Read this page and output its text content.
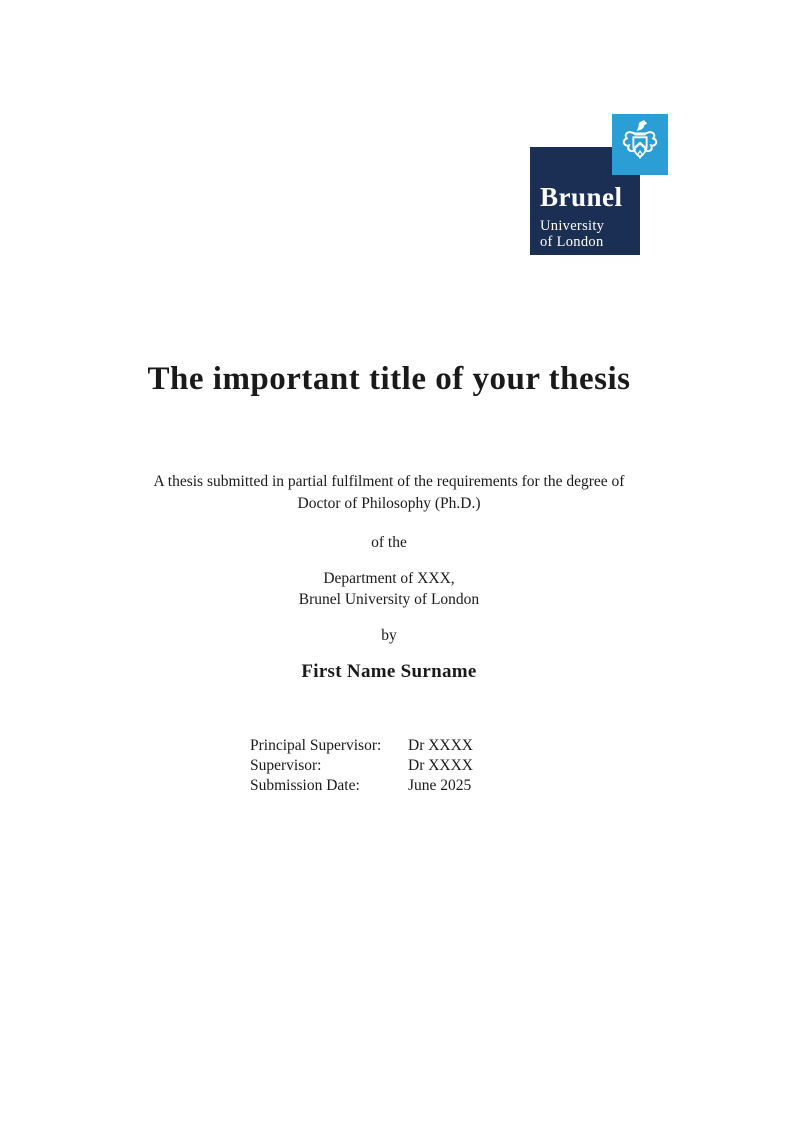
Brunel
University
of London
The important title of your thesis
A thesis submitted in partial fulfilment of the requirements for the degree of
Doctor of Philosophy (Ph.D.)
of the
Department of XXX,
Brunel University of London
by
First Name Surname
Principal Supervisor:	Dr XXXX
Supervisor:	Dr XXXX
Submission Date:	June 2025
